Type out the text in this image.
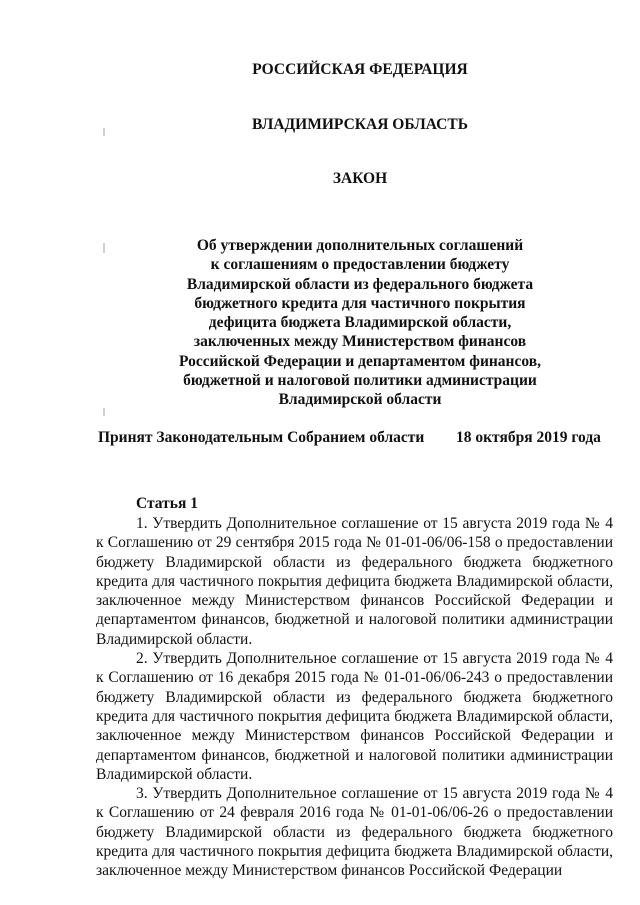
РОССИЙСКАЯ ФЕДЕРАЦИЯ
ВЛАДИМИРСКАЯ ОБЛАСТЬ
ЗАКОН
Об утверждении дополнительных соглашений
к соглашениям о предоставлении бюджету
Владимирской области из федерального бюджета
бюджетного кредита для частичного покрытия
дефицита бюджета Владимирской области,
заключенных между Министерством финансов
Российской Федерации и департаментом финансов,
бюджетной и налоговой политики администрации
Владимирской области
Принят Законодательным Собранием области 18 октября 2019 года
Статья 1

1. Утвердить Дополнительное соглашение от 15 августа 2019 года № 4 к Соглашению от 29 сентября 2015 года № 01-01-06/06-158 о предоставлении бюджету Владимирской области из федерального бюджета бюджетного кредита для частичного покрытия дефицита бюджета Владимирской области, заключенное между Министерством финансов Российской Федерации и департаментом финансов, бюджетной и налоговой политики администрации Владимирской области.

2. Утвердить Дополнительное соглашение от 15 августа 2019 года № 4 к Соглашению от 16 декабря 2015 года № 01-01-06/06-243 о предоставлении бюджету Владимирской области из федерального бюджета бюджетного кредита для частичного покрытия дефицита бюджета Владимирской области, заключенное между Министерством финансов Российской Федерации и департаментом финансов, бюджетной и налоговой политики администрации Владимирской области.

3. Утвердить Дополнительное соглашение от 15 августа 2019 года № 4 к Соглашению от 24 февраля 2016 года № 01-01-06/06-26 о предоставлении бюджету Владимирской области из федерального бюджета бюджетного кредита для частичного покрытия дефицита бюджета Владимирской области, заключенное между Министерством финансов Российской Федерации
